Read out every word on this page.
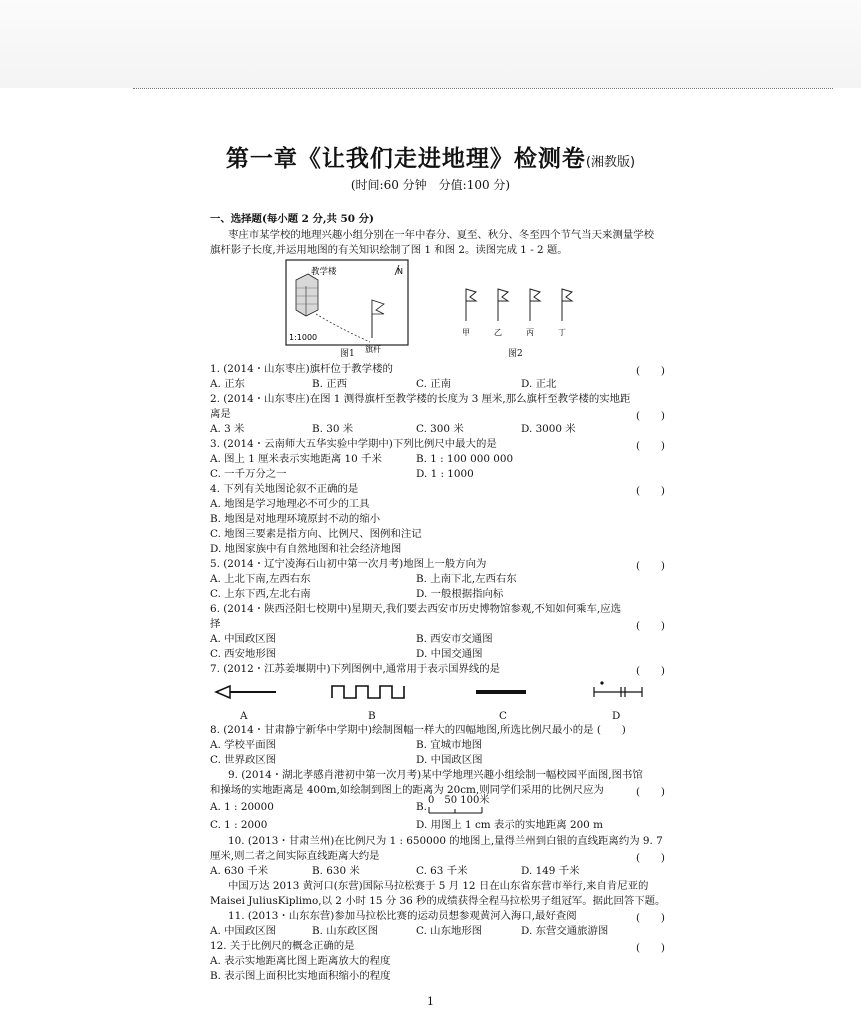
第一章《让我们走进地理》检测卷(湘教版)
(时间:60 分钟　分值:100 分)
一、选择题(每小题 2 分,共 50 分)
枣庄市某学校的地理兴趣小组分别在一年中春分、夏至、秋分、冬至四个节气当天来测量学校
旗杆影子长度,并运用地图的有关知识绘制了图 1 和图 2。读图完成 1 - 2 题。
教学楼	N
1:1000
旗杆
图1
甲	乙	丙	丁
图2
1. (2014・山东枣庄)旗杆位于教学楼的	(　　)
A. 正东	B. 正西	C. 正南	D. 正北
2. (2014・山东枣庄)在图 1 测得旗杆至教学楼的长度为 3 厘米,那么旗杆至教学楼的实地距
离是	(　　)
A. 3 米	B. 30 米	C. 300 米	D. 3000 米
3. (2014・云南师大五华实验中学期中)下列比例尺中最大的是	(　　)
A. 图上 1 厘米表示实地距离 10 千米	B. 1 : 100 000 000
C. 一千万分之一	D. 1 : 1000
4. 下列有关地图论叙不正确的是	(　　)
A. 地图是学习地理必不可少的工具
B. 地图是对地理环境原封不动的缩小
C. 地图三要素是指方向、比例尺、图例和注记
D. 地图家族中有自然地图和社会经济地图
5. (2014・辽宁凌海石山初中第一次月考)地图上一般方向为	(　　)
A. 上北下南,左西右东	B. 上南下北,左西右东
C. 上东下西,左北右南	D. 一般根据指向标
6. (2014・陕西泾阳七校期中)星期天,我们要去西安市历史博物馆参观,不知如何乘车,应选
择	(　　)
A. 中国政区图	B. 西安市交通图
C. 西安地形图	D. 中国交通图
7. (2012・江苏姜堰期中)下列图例中,通常用于表示国界线的是	(　　)
A	B	C	D
8. (2014・甘肃静宁新华中学期中)绘制图幅一样大的四幅地图,所选比例尺最小的是 (　　)
A. 学校平面图	B. 宜城市地图
C. 世界政区图	D. 中国政区图
9. (2014・湖北孝感肖港初中第一次月考)某中学地理兴趣小组绘制一幅校园平面图,图书馆
和操场的实地距离是 400m,如绘制到图上的距离为 20cm,则同学们采用的比例尺应为	(　　)
A. 1 : 20000	B.
0　50 100米
C. 1 : 2000	D. 用图上 1 cm 表示的实地距离 200 m
10. (2013・甘肃兰州)在比例尺为 1 : 650000 的地图上,量得兰州到白银的直线距离约为 9. 7
厘米,则二者之间实际直线距离大约是	(　　)
A. 630 千米	B. 630 米	C. 63 千米	D. 149 千米
中国万达 2013 黄河口(东营)国际马拉松赛于 5 月 12 日在山东省东营市举行,来自肯尼亚的
Maisei JuliusKiplimo,以 2 小时 15 分 36 秒的成绩获得全程马拉松男子组冠军。据此回答下题。
11. (2013・山东东营)参加马拉松比赛的运动员想参观黄河入海口,最好查阅	(　　)
A. 中国政区图	B. 山东政区图	C. 山东地形图	D. 东营交通旅游图
12. 关于比例尺的概念正确的是	(　　)
A. 表示实地距离比图上距离放大的程度
B. 表示图上面积比实地面积缩小的程度
1
